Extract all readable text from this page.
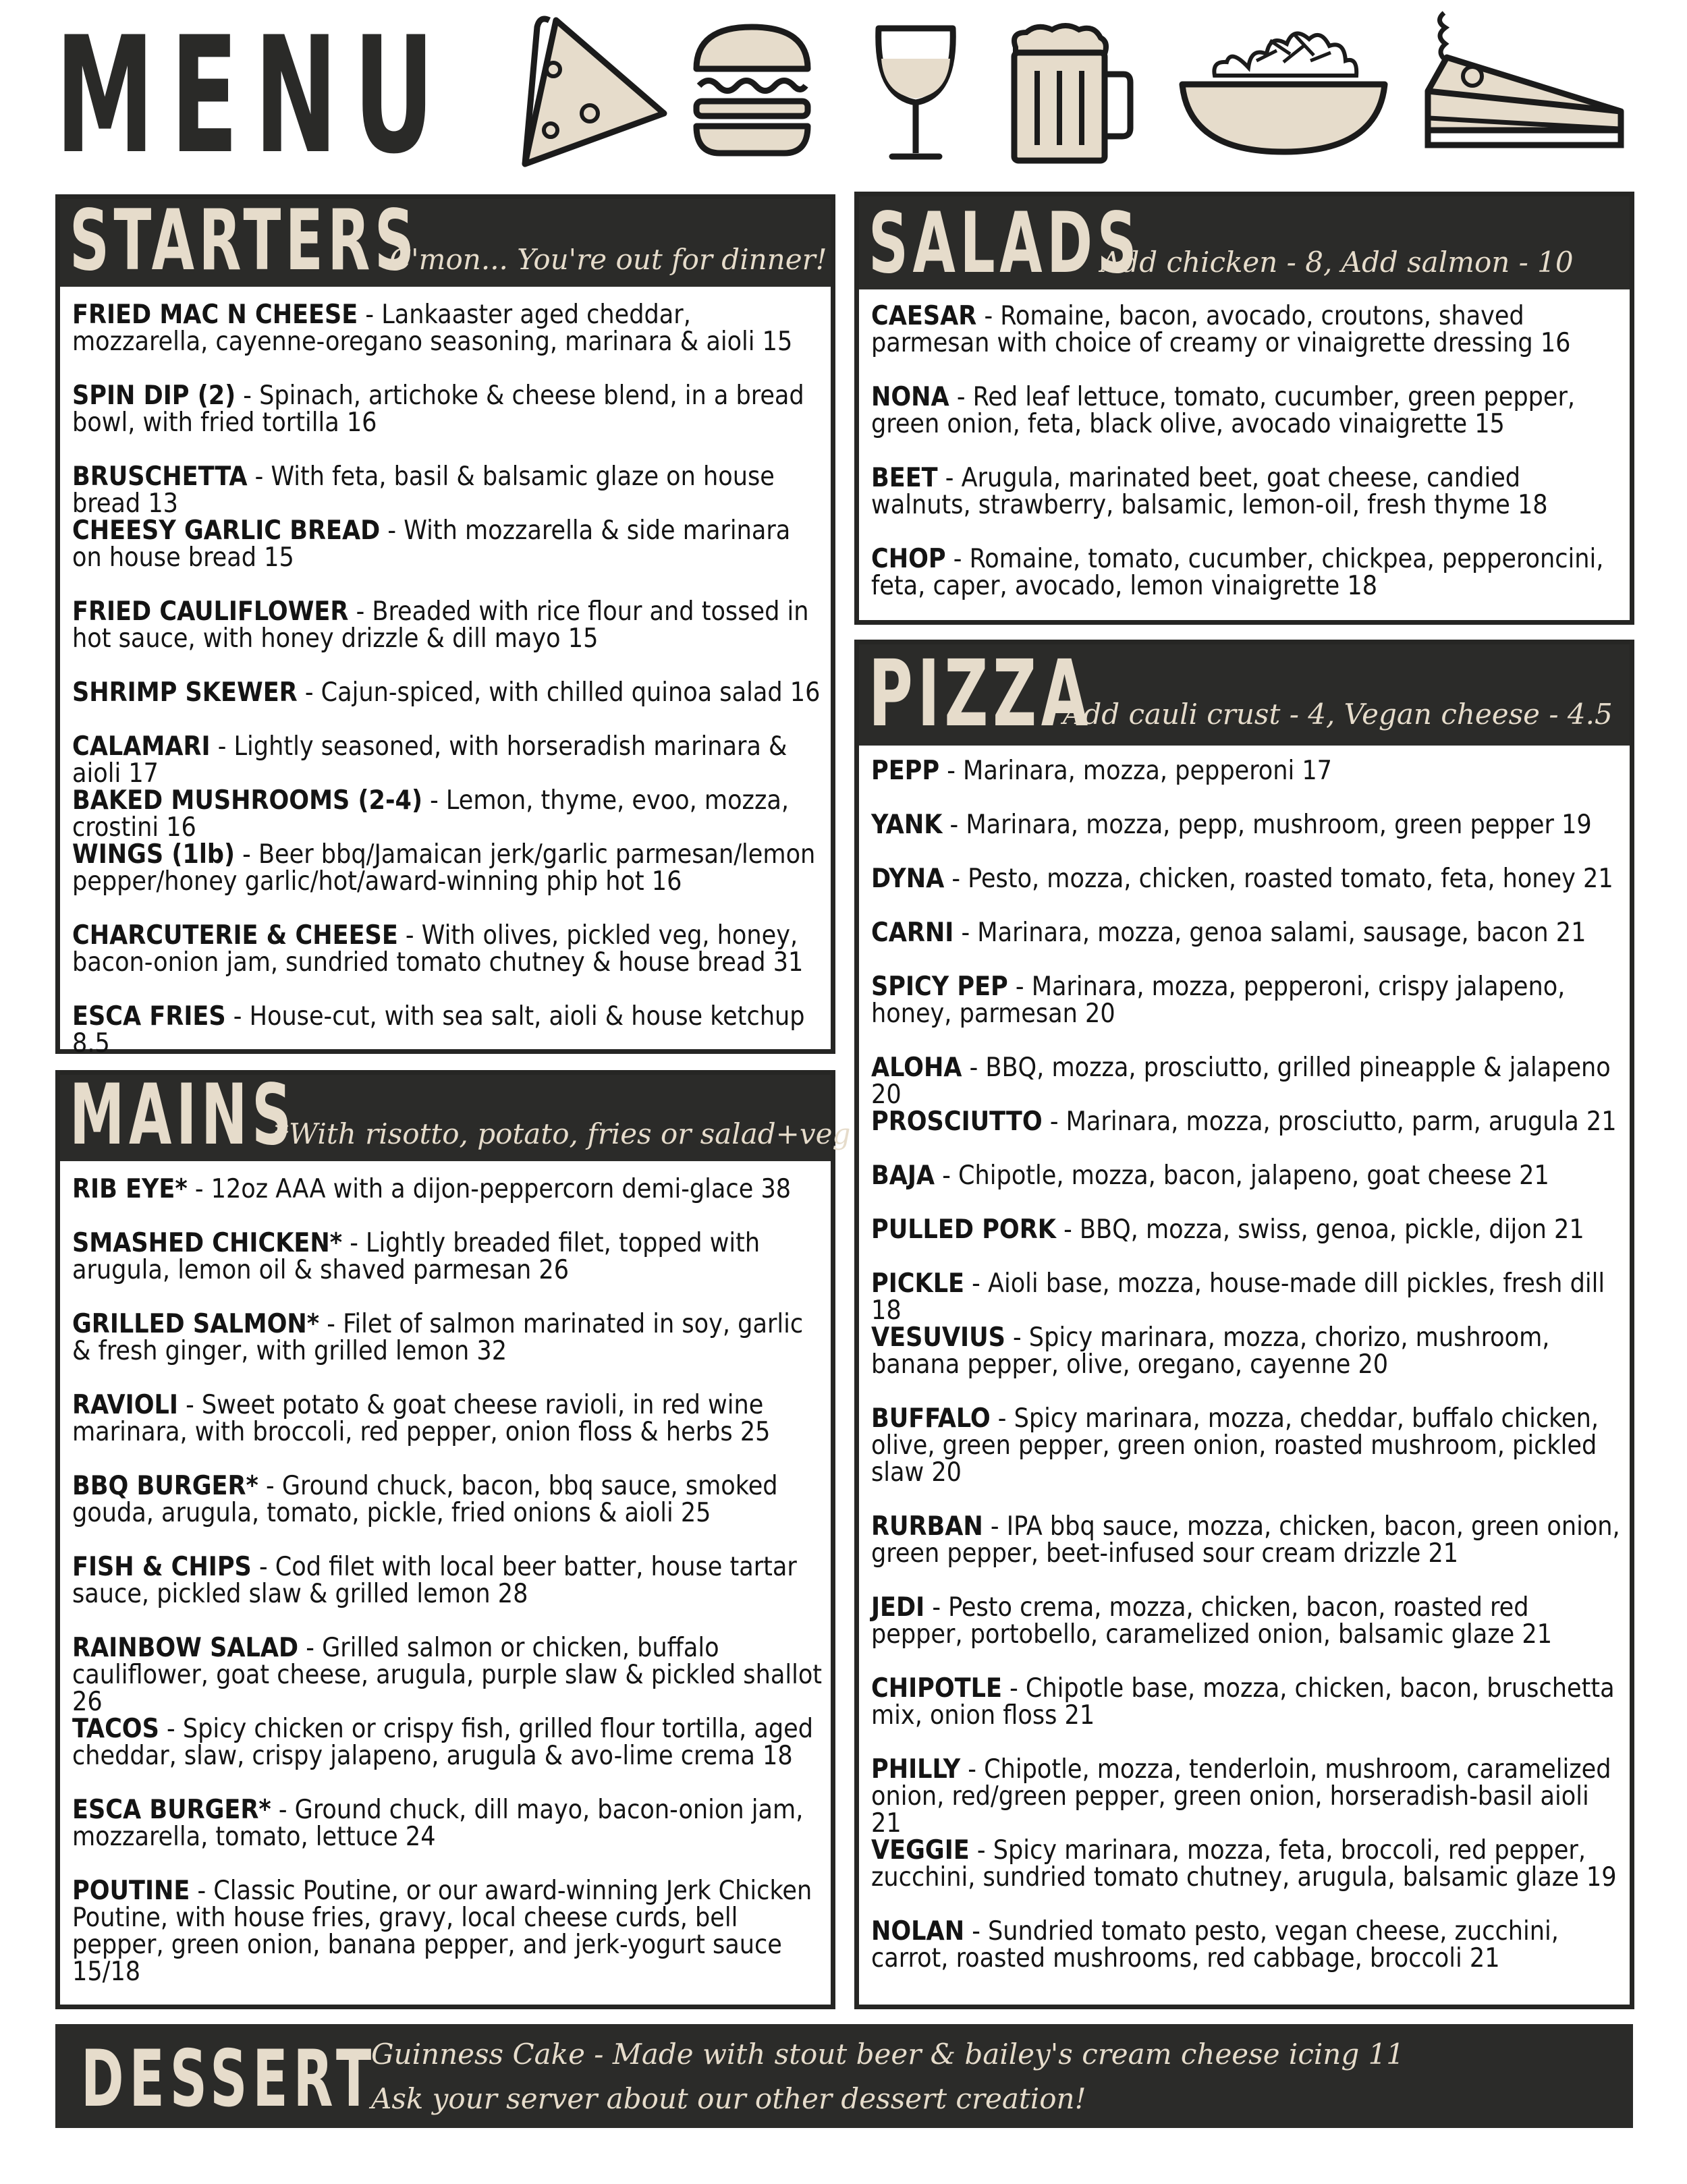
MENU
STARTERS
C'mon... You're out for dinner!
FRIED MAC N CHEESE - Lankaaster aged cheddar, mozzarella, cayenne-oregano seasoning, marinara & aioli 15
SPIN DIP (2) - Spinach, artichoke & cheese blend, in a bread bowl, with fried tortilla 16
BRUSCHETTA - With feta, basil & balsamic glaze on house bread 13
CHEESY GARLIC BREAD - With mozzarella & side marinara on house bread 15
FRIED CAULIFLOWER - Breaded with rice flour and tossed in hot sauce, with honey drizzle & dill mayo 15
SHRIMP SKEWER - Cajun-spiced, with chilled quinoa salad 16
CALAMARI - Lightly seasoned, with horseradish marinara & aioli 17
BAKED MUSHROOMS (2-4) - Lemon, thyme, evoo, mozza, crostini 16
WINGS (1lb) - Beer bbq/Jamaican jerk/garlic parmesan/lemon pepper/honey garlic/hot/award-winning phip hot 16
CHARCUTERIE & CHEESE - With olives, pickled veg, honey, bacon-onion jam, sundried tomato chutney & house bread 31
ESCA FRIES - House-cut, with sea salt, aioli & house ketchup 8.5
MAINS
*With risotto, potato, fries or salad+veg
RIB EYE* - 12oz AAA with a dijon-peppercorn demi-glace 38
SMASHED CHICKEN* - Lightly breaded filet, topped with arugula, lemon oil & shaved parmesan 26
GRILLED SALMON* - Filet of salmon marinated in soy, garlic & fresh ginger, with grilled lemon 32
RAVIOLI - Sweet potato & goat cheese ravioli, in red wine marinara, with broccoli, red pepper, onion floss & herbs 25
BBQ BURGER* - Ground chuck, bacon, bbq sauce, smoked gouda, arugula, tomato, pickle, fried onions & aioli 25
FISH & CHIPS - Cod filet with local beer batter, house tartar sauce, pickled slaw & grilled lemon 28
RAINBOW SALAD - Grilled salmon or chicken, buffalo cauliflower, goat cheese, arugula, purple slaw & pickled shallot 26
TACOS - Spicy chicken or crispy fish, grilled flour tortilla, aged cheddar, slaw, crispy jalapeno, arugula & avo-lime crema 18
ESCA BURGER* - Ground chuck, dill mayo, bacon-onion jam, mozzarella, tomato, lettuce 24
POUTINE - Classic Poutine, or our award-winning Jerk Chicken Poutine, with house fries, gravy, local cheese curds, bell pepper, green onion, banana pepper, and jerk-yogurt sauce 15/18
SALADS
Add chicken - 8, Add salmon - 10
CAESAR - Romaine, bacon, avocado, croutons, shaved parmesan with choice of creamy or vinaigrette dressing 16
NONA - Red leaf lettuce, tomato, cucumber, green pepper, green onion, feta, black olive, avocado vinaigrette 15
BEET - Arugula, marinated beet, goat cheese, candied walnuts, strawberry, balsamic, lemon-oil, fresh thyme 18
CHOP - Romaine, tomato, cucumber, chickpea, pepperoncini, feta, caper, avocado, lemon vinaigrette 18
PIZZA
Add cauli crust - 4, Vegan cheese - 4.5
PEPP - Marinara, mozza, pepperoni 17
YANK - Marinara, mozza, pepp, mushroom, green pepper 19
DYNA - Pesto, mozza, chicken, roasted tomato, feta, honey 21
CARNI - Marinara, mozza, genoa salami, sausage, bacon 21
SPICY PEP - Marinara, mozza, pepperoni, crispy jalapeno, honey, parmesan 20
ALOHA - BBQ, mozza, prosciutto, grilled pineapple & jalapeno 20
PROSCIUTTO - Marinara, mozza, prosciutto, parm, arugula 21
BAJA - Chipotle, mozza, bacon, jalapeno, goat cheese 21
PULLED PORK - BBQ, mozza, swiss, genoa, pickle, dijon 21
PICKLE - Aioli base, mozza, house-made dill pickles, fresh dill 18
VESUVIUS - Spicy marinara, mozza, chorizo, mushroom, banana pepper, olive, oregano, cayenne 20
BUFFALO - Spicy marinara, mozza, cheddar, buffalo chicken, olive, green pepper, green onion, roasted mushroom, pickled slaw 20
RURBAN - IPA bbq sauce, mozza, chicken, bacon, green onion, green pepper, beet-infused sour cream drizzle 21
JEDI - Pesto crema, mozza, chicken, bacon, roasted red pepper, portobello, caramelized onion, balsamic glaze 21
CHIPOTLE - Chipotle base, mozza, chicken, bacon, bruschetta mix, onion floss 21
PHILLY - Chipotle, mozza, tenderloin, mushroom, caramelized onion, red/green pepper, green onion, horseradish-basil aioli 21
VEGGIE - Spicy marinara, mozza, feta, broccoli, red pepper, zucchini, sundried tomato chutney, arugula, balsamic glaze 19
NOLAN - Sundried tomato pesto, vegan cheese, zucchini, carrot, roasted mushrooms, red cabbage, broccoli 21
DESSERT
Guinness Cake - Made with stout beer & bailey's cream cheese icing 11
Ask your server about our other dessert creation!
